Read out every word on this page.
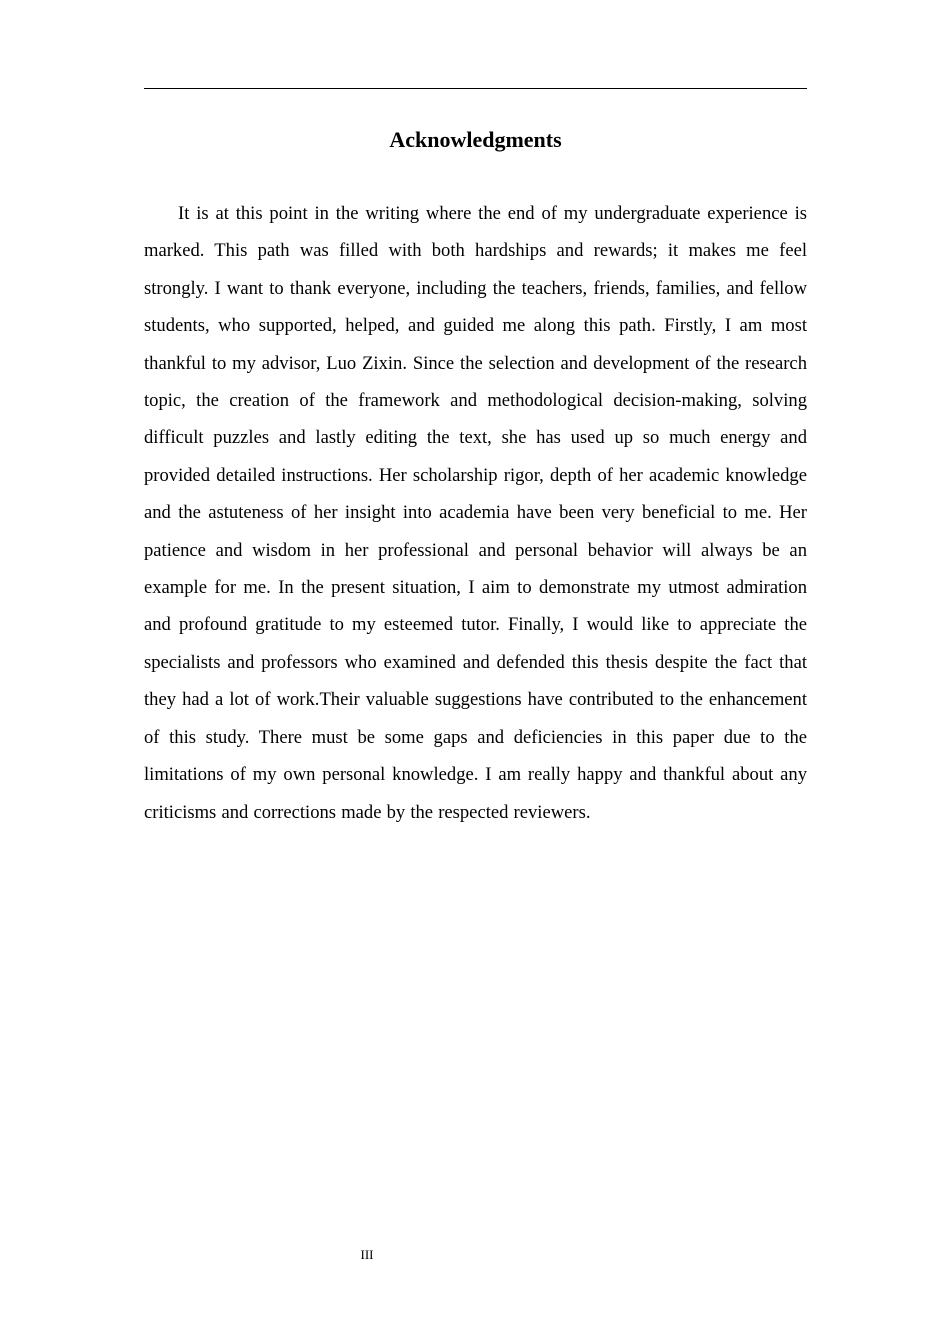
Acknowledgments

It is at this point in the writing where the end of my undergraduate experience is marked. This path was filled with both hardships and rewards; it makes me feel strongly. I want to thank everyone, including the teachers, friends, families, and fellow students, who supported, helped, and guided me along this path. Firstly, I am most thankful to my advisor, Luo Zixin. Since the selection and development of the research topic, the creation of the framework and methodological decision-making, solving difficult puzzles and lastly editing the text, she has used up so much energy and provided detailed instructions. Her scholarship rigor, depth of her academic knowledge and the astuteness of her insight into academia have been very beneficial to me. Her patience and wisdom in her professional and personal behavior will always be an example for me. In the present situation, I aim to demonstrate my utmost admiration and profound gratitude to my esteemed tutor. Finally, I would like to appreciate the specialists and professors who examined and defended this thesis despite the fact that they had a lot of work.Their valuable suggestions have contributed to the enhancement of this study. There must be some gaps and deficiencies in this paper due to the limitations of my own personal knowledge. I am really happy and thankful about any criticisms and corrections made by the respected reviewers.

III
